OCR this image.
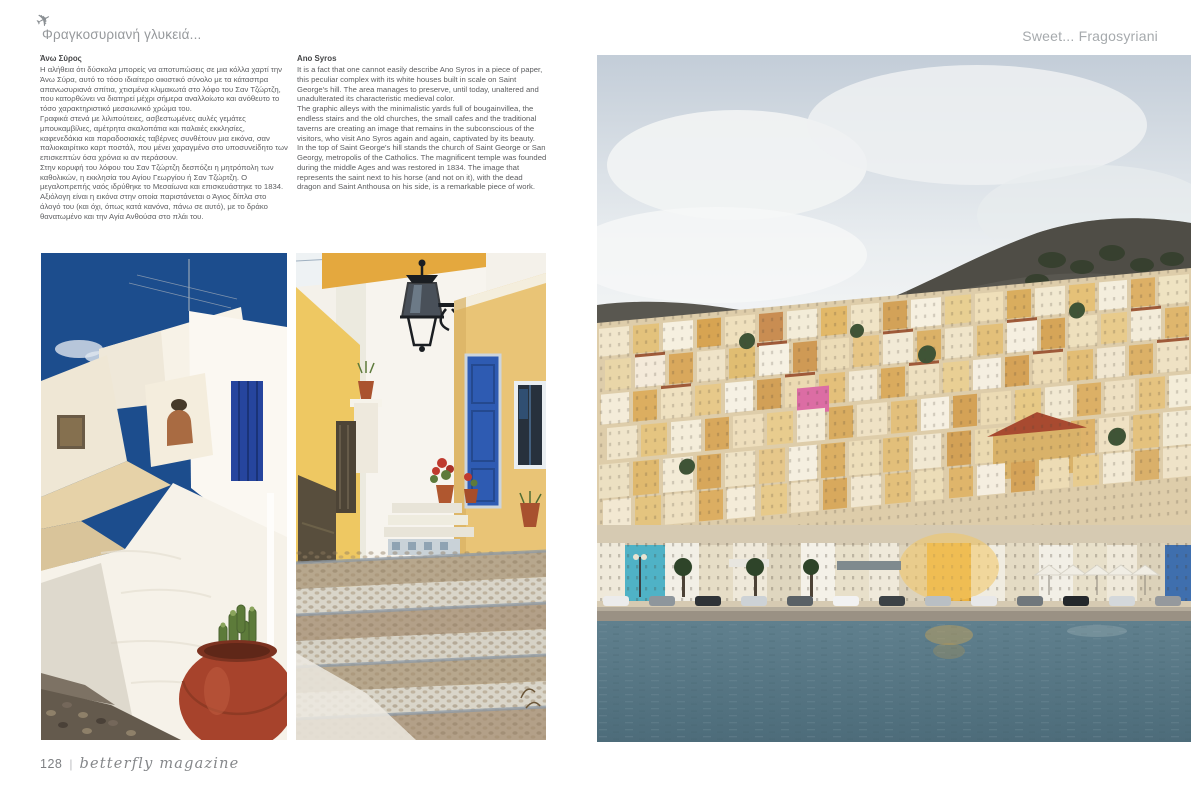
✈
Φραγκοσυριανή γλυκειά...	Sweet... Fragosyriani
Άνω Σύρος

Η αλήθεια ότι δύσκολα μπορείς να αποτυπώσεις σε μια κόλλα χαρτί την Άνω Σύρα, αυτό το τόσο ιδιαίτερο οικιστικό σύνολο με τα κάτασπρα απανωσυριανά σπίτια, χτισμένα κλιμακωτά στο λόφο του Σαν Τζώρτζη, που κατορθώνει να διατηρεί μέχρι σήμερα αναλλοίωτο και ανόθευτο το τόσο χαρακτηριστικό μεσαιωνικό χρώμα του.

Γραφικά στενά με λιλιπούτειες, ασβεστωμένες αυλές γεμάτες μπουκαμβίλιες, αμέτρητα σκαλοπάτια και παλαιές εκκλησίες, καφενεδάκια και παραδοσιακές ταβέρνες συνθέτουν μια εικόνα, σαν παλιοκαιρίτικο καρτ ποστάλ, που μένει χαραγμένο στο υποσυνείδητο των επισκεπτών όσα χρόνια κι αν περάσουν.

Στην κορυφή του λόφου του Σαν Τζώρτζη δεσπόζει η μητρόπολη των καθολικών, η εκκλησία του Αγίου Γεωργίου ή Σαν Τζώρτζη. Ο μεγαλοπρεπής ναός ιδρύθηκε το Μεσαίωνα και επισκευάστηκε το 1834. Αξιόλογη είναι η εικόνα στην οποία παριστάνεται ο Άγιος δίπλα στο άλογό του (και όχι, όπως κατά κανόνα, πάνω σε αυτό), με το δράκο θανατωμένο και την Αγία Ανθούσα στο πλάι του.

Ano Syros

It is a fact that one cannot easily describe Ano Syros in a piece of paper, this peculiar complex with its white houses built in scale on Saint George's hill. The area manages to preserve, until today, unaltered and unadulterated its characteristic medieval color.

The graphic alleys with the minimalistic yards full of bougainvillea, the endless stairs and the old churches, the small cafes and the traditional taverns are creating an image that remains in the subconscious of the visitors, who visit Ano Syros again and again, captivated by its beauty.

In the top of Saint George's hill stands the church of Saint George or San Georgy, metropolis of the Catholics. The magnificent temple was founded during the middle Ages and was restored in 1834. The image that represents the saint next to his horse (and not on it), with the dead dragon and Saint Anthousa on his side, is a remarkable piece of work.

128 | betterfly magazine
